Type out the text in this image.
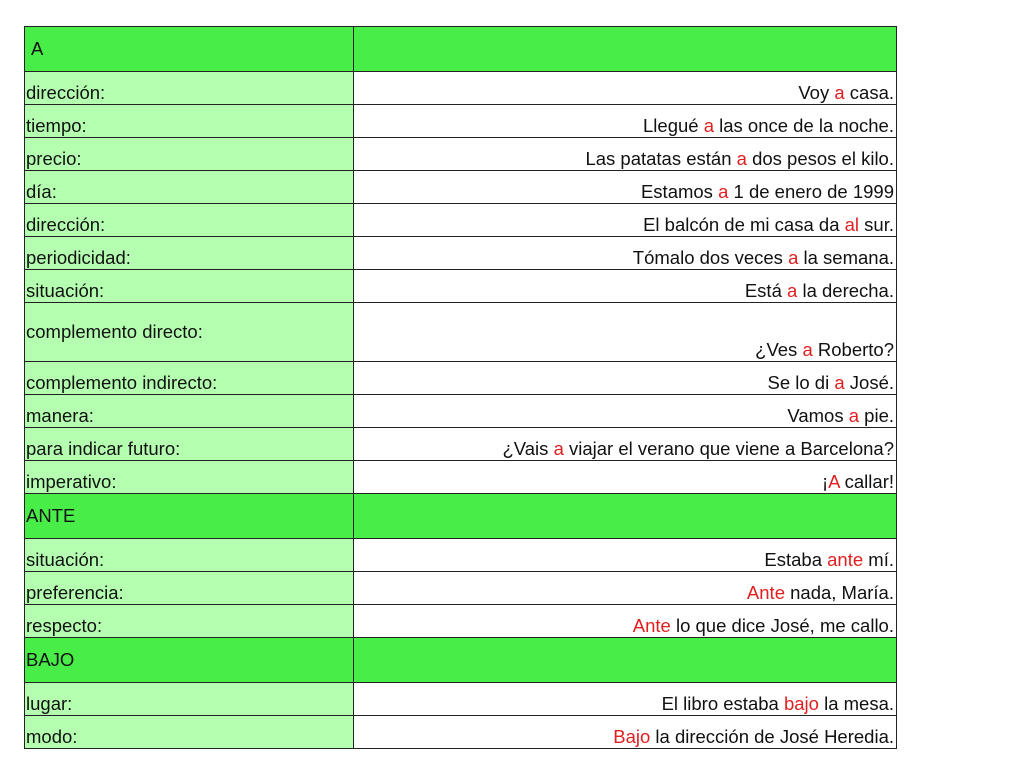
A	
dirección:	Voy a casa.
tiempo:	Llegué a las once de la noche.
precio:	Las patatas están a dos pesos el kilo.
día:	Estamos a 1 de enero de 1999
dirección:	El balcón de mi casa da al sur.
periodicidad:	Tómalo dos veces a la semana.
situación:	Está a la derecha.
complemento directo:	¿Ves a Roberto?
complemento indirecto:	Se lo di a José.
manera:	Vamos a pie.
para indicar futuro:	¿Vais a viajar el verano que viene a Barcelona?
imperativo:	¡A callar!
ANTE	
situación:	Estaba ante mí.
preferencia:	Ante nada, María.
respecto:	Ante lo que dice José, me callo.
BAJO	
lugar:	El libro estaba bajo la mesa.
modo:	Bajo la dirección de José Heredia.
